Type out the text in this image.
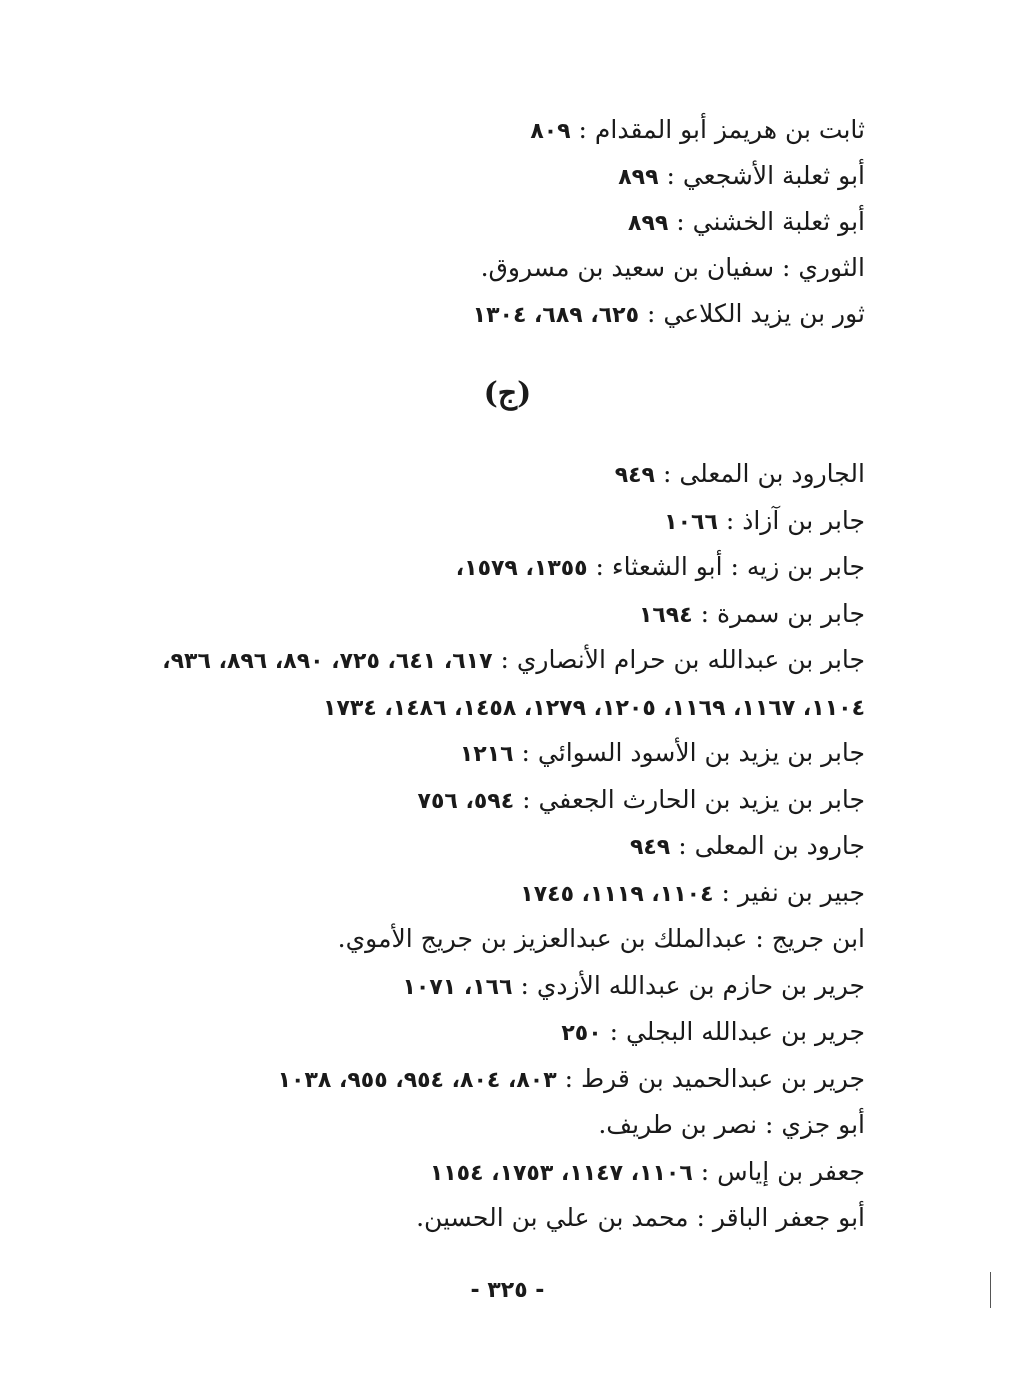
ثابت بن هريمز أبو المقدام : ٨٠٩
أبو ثعلبة الأشجعي : ٨٩٩
أبو ثعلبة الخشني : ٨٩٩
الثوري : سفيان بن سعيد بن مسروق.
ثور بن يزيد الكلاعي : ٦٢٥، ٦٨٩، ١٣٠٤
(ج)
الجارود بن المعلى : ٩٤٩
جابر بن آزاذ : ١٠٦٦
جابر بن زيه : أبو الشعثاء : ١٣٥٥، ١٥٧٩،
جابر بن سمرة : ١٦٩٤
جابر بن عبدالله بن حرام الأنصاري : ٦١٧، ٦٤١، ٧٢٥، ٨٩٠، ٨٩٦، ٩٣٦، ١١٠٤، ١١٦٧، ١١٦٩، ١٢٠٥، ١٢٧٩، ١٤٥٨، ١٤٨٦، ١٧٣٤
جابر بن يزيد بن الأسود السوائي : ١٢١٦
جابر بن يزيد بن الحارث الجعفي : ٥٩٤، ٧٥٦
جارود بن المعلى : ٩٤٩
جبير بن نفير : ١١٠٤، ١١١٩، ١٧٤٥
ابن جريج : عبدالملك بن عبدالعزيز بن جريج الأموي.
جرير بن حازم بن عبدالله الأزدي : ١٦٦، ١٠٧١
جرير بن عبدالله البجلي : ٢٥٠
جرير بن عبدالحميد بن قرط : ٨٠٣، ٨٠٤، ٩٥٤، ٩٥٥، ١٠٣٨
أبو جزي : نصر بن طريف.
جعفر بن إياس : ١١٠٦، ١١٤٧، ١٧٥٣، ١١٥٤
أبو جعفر الباقر : محمد بن علي بن الحسين.
- ٣٢٥ -
